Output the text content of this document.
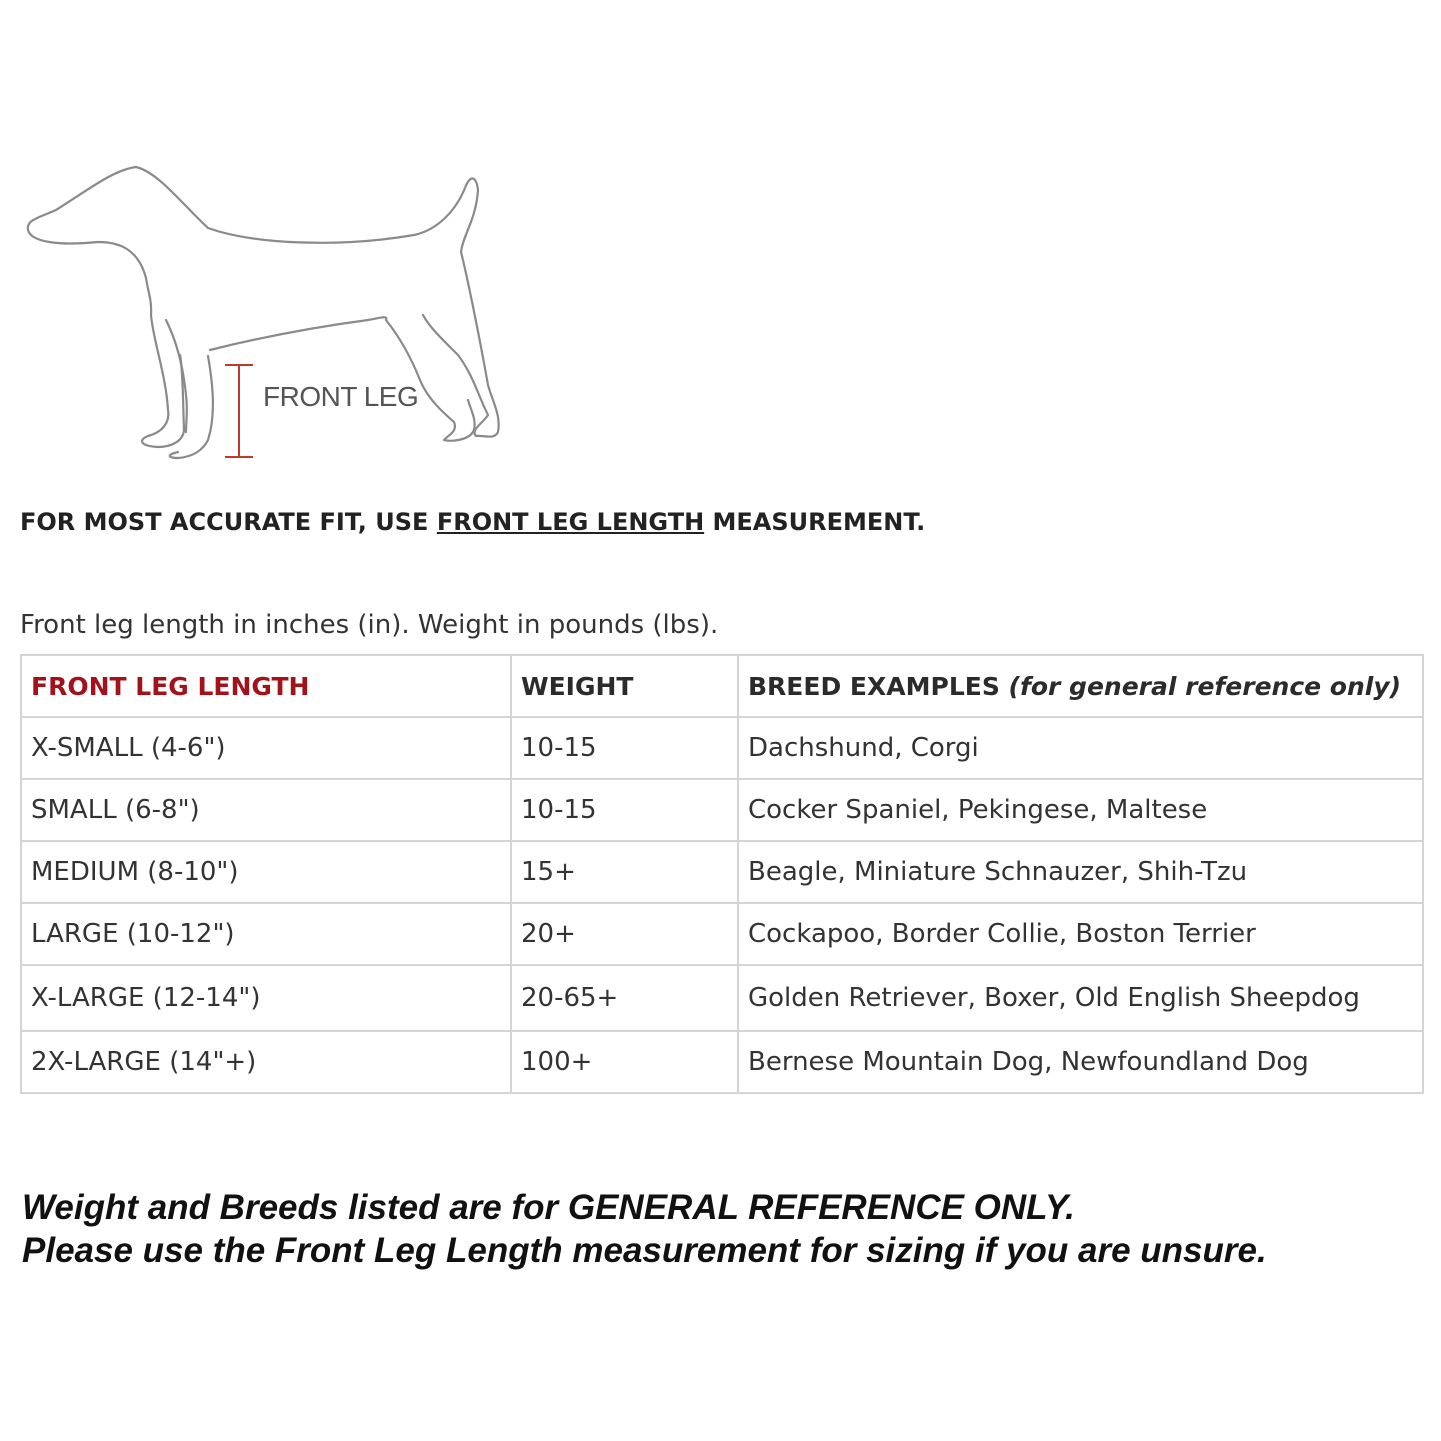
FRONT LEG
FOR MOST ACCURATE FIT, USE FRONT LEG LENGTH MEASUREMENT.
Front leg length in inches (in). Weight in pounds (lbs).
FRONT LEG LENGTH	WEIGHT	BREED EXAMPLES (for general reference only)
X-SMALL (4-6")	10-15	Dachshund, Corgi
SMALL (6-8")	10-15	Cocker Spaniel, Pekingese, Maltese
MEDIUM (8-10")	15+	Beagle, Miniature Schnauzer, Shih-Tzu
LARGE (10-12")	20+	Cockapoo, Border Collie, Boston Terrier
X-LARGE (12-14")	20-65+	Golden Retriever, Boxer, Old English Sheepdog
2X-LARGE (14"+)	100+	Bernese Mountain Dog, Newfoundland Dog
Weight and Breeds listed are for GENERAL REFERENCE ONLY.
Please use the Front Leg Length measurement for sizing if you are unsure.
